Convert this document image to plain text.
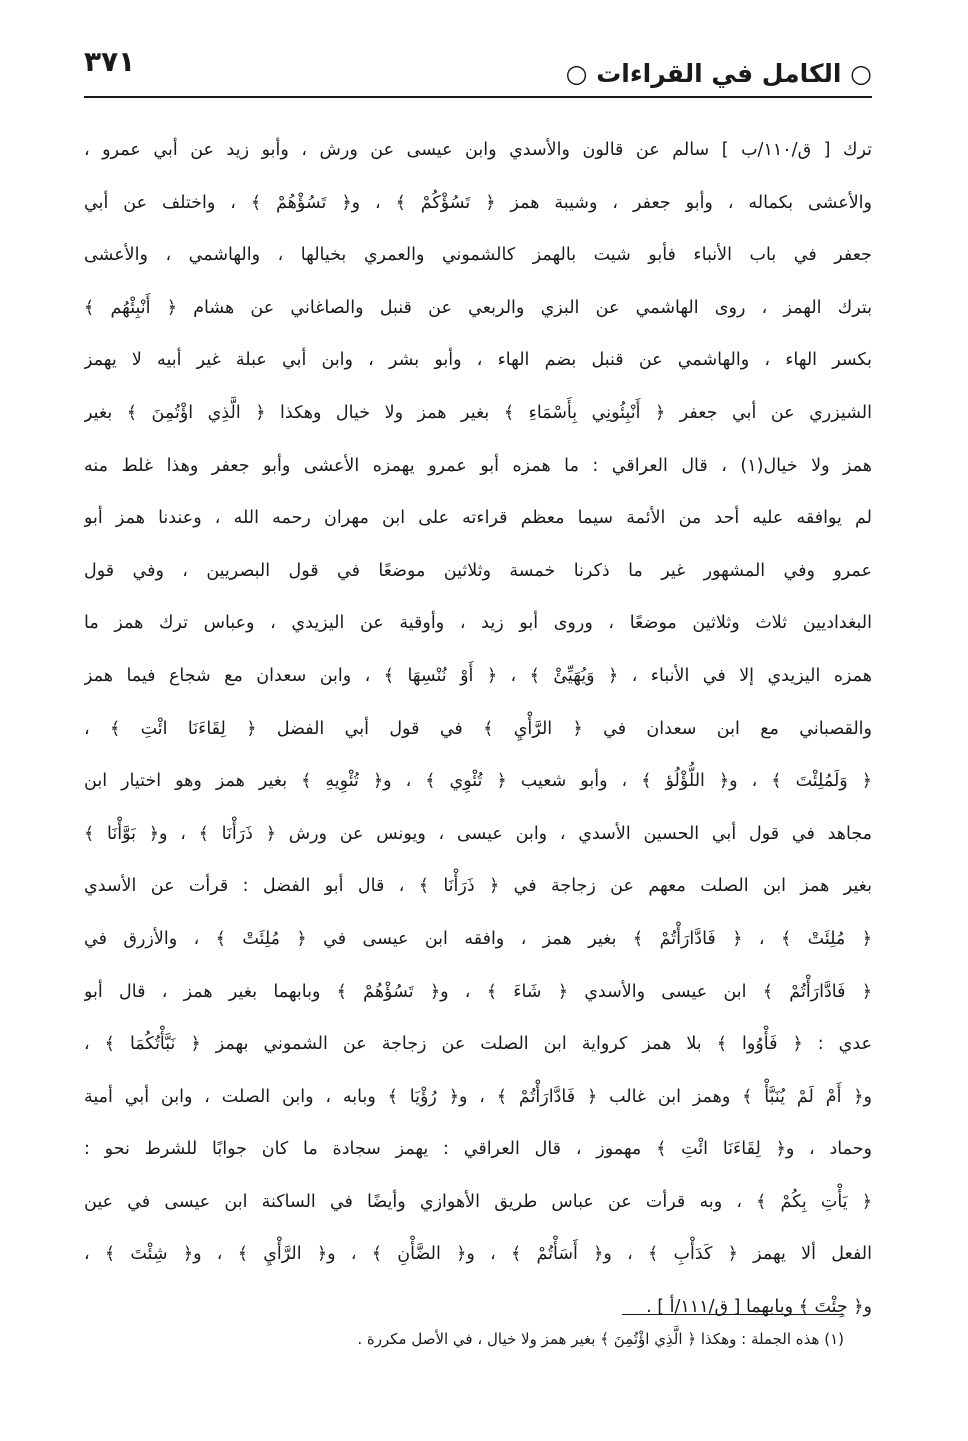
○ الكامل في القراءات ○
٣٧١
ترك [ ق/١١٠/ب ] سالم عن قالون والأسدي وابن عيسى عن ورش ، وأبو زيد عن أبي عمرو ،
والأعشى بكماله ، وأبو جعفر ، وشيبة همز ﴿ تَسُؤْكُمْ ﴾ ، و﴿ تَسُؤْهُمْ ﴾ ، واختلف عن أبي
جعفر في باب الأنباء فأبو شيت بالهمز كالشموني والعمري بخيالها ، والهاشمي ، والأعشى
بترك الهمز ، روى الهاشمي عن البزي والربعي عن قنبل والصاغاني عن هشام ﴿ أَنْبِئْهُم ﴾
بكسر الهاء ، والهاشمي عن قنبل بضم الهاء ، وأبو بشر ، وابن أبي عبلة غير أبيه لا يهمز
الشيزري عن أبي جعفر ﴿ أَنْبِئُونِي بِأَسْمَاءِ ﴾ بغير همز ولا خيال وهكذا ﴿ الَّذِي اؤْتُمِنَ ﴾ بغير
همز ولا خيال(١) ، قال العراقي : ما همزه أبو عمرو يهمزه الأعشى وأبو جعفر وهذا غلط منه
لم يوافقه عليه أحد من الأئمة سيما معظم قراءته على ابن مهران رحمه الله ، وعندنا همز أبو
عمرو وفي المشهور غير ما ذكرنا خمسة وثلاثين موضعًا في قول البصريين ، وفي قول
البغداديين ثلاث وثلاثين موضعًا ، وروى أبو زيد ، وأوقية عن اليزيدي ، وعباس ترك همز ما
همزه اليزيدي إلا في الأنباء ، ﴿ وَيُهَيِّئْ ﴾ ، ﴿ أَوْ نُنْسِهَا ﴾ ، وابن سعدان مع شجاع فيما همز
والقصباني مع ابن سعدان في ﴿ الرَّأْيِ ﴾ في قول أبي الفضل ﴿ لِقَاءَنَا ائْتِ ﴾ ،
﴿ وَلَمُلِئْتَ ﴾ ، و﴿ اللُّؤْلُؤ ﴾ ، وأبو شعيب ﴿ تُئْوِي ﴾ ، و﴿ تُئْوِيهِ ﴾ بغير همز وهو اختيار ابن
مجاهد في قول أبي الحسين الأسدي ، وابن عيسى ، ويونس عن ورش ﴿ ذَرَأْنَا ﴾ ، و﴿ بَوَّأْنَا ﴾
بغير همز ابن الصلت معهم عن زجاجة في ﴿ ذَرَأْنَا ﴾ ، قال أبو الفضل : قرأت عن الأسدي
﴿ مُلِئَتْ ﴾ ، ﴿ فَادَّارَأْتُمْ ﴾ بغير همز ، وافقه ابن عيسى في ﴿ مُلِئَتْ ﴾ ، والأزرق في
﴿ فَادَّارَأْتُمْ ﴾ ابن عيسى والأسدي ﴿ شَاءَ ﴾ ، و﴿ تَسُؤْهُمْ ﴾ وبابهما بغير همز ، قال أبو
عدي : ﴿ فَأْوُوا ﴾ بلا همز كرواية ابن الصلت عن زجاجة عن الشموني بهمز ﴿ نَبَّأْتُكُمَا ﴾ ،
و﴿ أَمْ لَمْ يُنَبَّأْ ﴾ وهمز ابن غالب ﴿ فَادَّارَأْتُمْ ﴾ ، و﴿ رُؤْيَا ﴾ وبابه ، وابن الصلت ، وابن أبي أمية
وحماد ، و﴿ لِقَاءَنَا ائْتِ ﴾ مهموز ، قال العراقي : يهمز سجادة ما كان جوابًا للشرط نحو :
﴿ يَأْتِ بِكُمْ ﴾ ، وبه قرأت عن عباس طريق الأهوازي وأيضًا في الساكنة ابن عيسى في عين
الفعل ألا يهمز ﴿ كَدَأْبِ ﴾ ، و﴿ أَسَأْتُمْ ﴾ ، و﴿ الضَّأْنِ ﴾ ، و﴿ الرَّأْيِ ﴾ ، و﴿ شِئْتَ ﴾ ،
و﴿ جِئْتَ ﴾ وبابهما [ ق/١١١/أ ] .
(١) هذه الجملة : وهكذا ﴿ الَّذِي اؤْتُمِنَ ﴾ بغير همز ولا خيال ، في الأصل مكررة .
